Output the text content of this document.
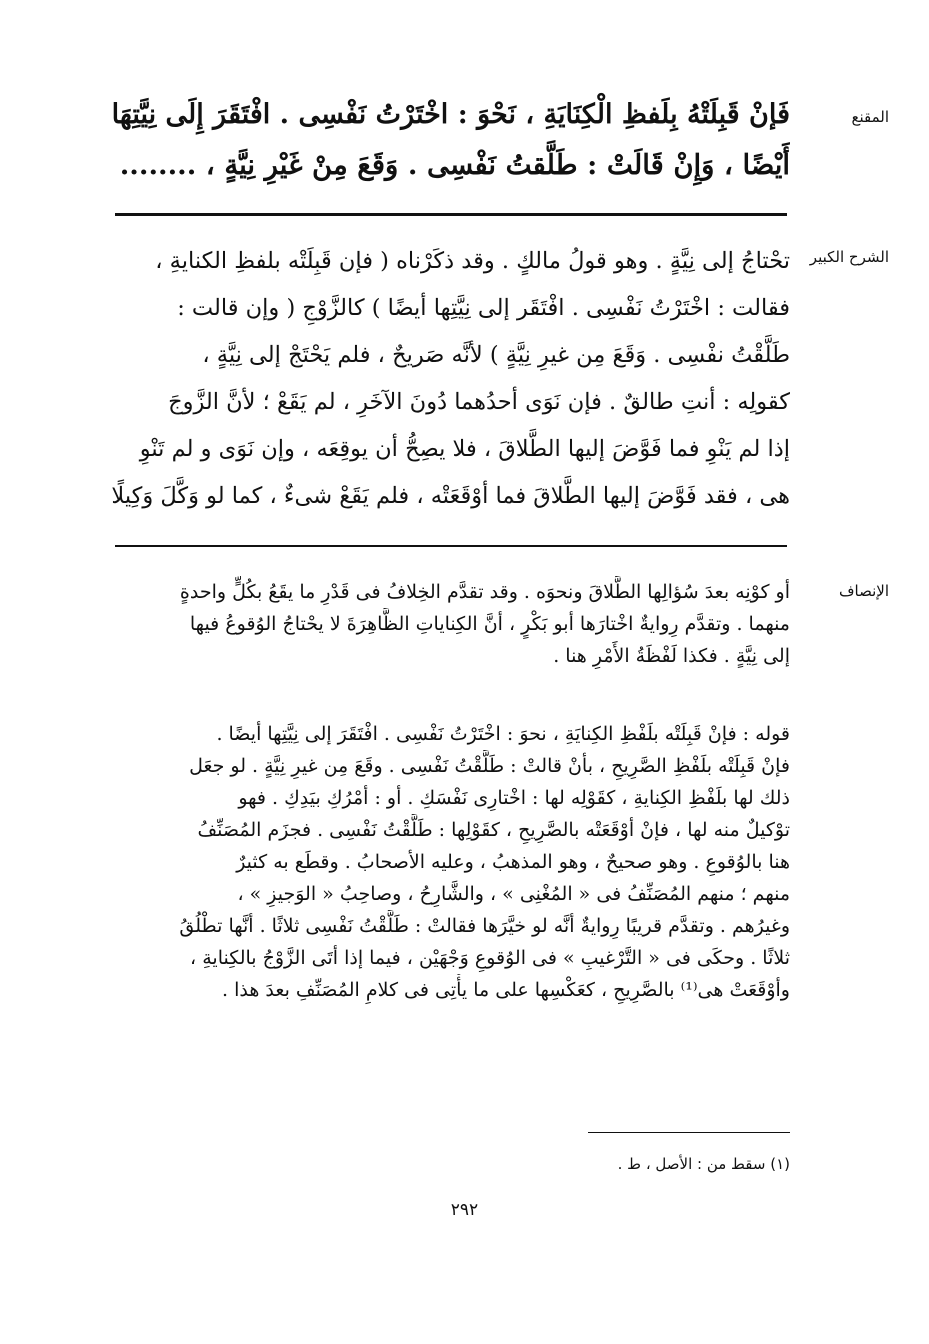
المقنع
فَإنْ قَبِلَتْهُ بِلَفظِ الْكِنَايَةِ ، نَحْوَ : اخْتَرْتُ نَفْسِى . افْتَقَرَ إِلَى نِيَّتِهَا
أَيْضًا ، وَإِنْ قَالَتْ : طَلَّقتُ نَفْسِى . وَقَعَ مِنْ غَيْرِ نِيَّةٍ ، ........
الشرح الكبير
تحْتاجُ إلى نِيَّةٍ . وهو قولُ مالكٍ . وقد ذكَرْناه ( فإن قَبِلَتْه بلفظِ الكنايةِ ،
فقالت : اخْتَرْتُ نَفْسِى . افْتَقَر إلى نِيَّتِها أيضًا ) كالزَّوْجِ ( وإن قالت :
طَلَّقْتُ نفْسِى . وَقَعَ مِن غيرِ نِيَّةٍ ) لأنَّه صَريحٌ ، فلم يَحْتَجْ إلى نِيَّةٍ ،
كقولِه : أنتِ طالقٌ . فإن نَوَى أحدُهما دُونَ الآخَرِ ، لم يَقَعْ ؛ لأنَّ الزَّوجَ
إذا لم يَنْوِ فما فَوَّضَ إليها الطَّلاقَ ، فلا يصِحُّ أن يوقِعَه ، وإن نَوَى و لم تَنْوِ
هى ، فقد فَوَّضَ إليها الطَّلاقَ فما أوْقَعَتْه ، فلم يَقَعْ شىءٌ ، كما لو وَكَّلَ وَكِيلًا
الإنصاف
أو كوْنِه بعدَ سُؤالِها الطَّلاقَ ونحوَه . وقد تقدَّم الخِلافُ فى قَدْرِ ما يقَعُ بكُلٍّ واحدةٍ
منهما . وتقدَّم رِوايةٌ اخْتارَها أبو بَكْرٍ ، أنَّ الكِناياتِ الظَّاهِرَةَ لا يحْتاجُ الوُقوعُ فيها
إلى نِيَّةٍ . فكذا لَفْظَةُ الأَمْرِ هنا .
قوله : فإنْ قَبِلَتْه بلَفْظِ الكِنايَةِ ، نحوَ : اخْتَرْتُ نَفْسِى . افْتَقَرَ إلى نِيَّتِها أيضًا .
فإنْ قَبِلَتْه بلَفْظِ الصَّرِيحِ ، بأنْ قالتْ : طَلَّقْتُ نَفْسِى . وقَعَ مِن غيرِ نِيَّةٍ . لو جعَل
ذلك لها بلَفْظِ الكِنايةِ ، كقَوْلِه لها : اخْتارِى نَفْسَكِ . أو : أمْرُكِ بيَدِكِ . فهو
توْكيلٌ منه لها ، فإنْ أوْقَعَتْه بالصَّرِيحِ ، كقَوْلِها : طَلَّقْتُ نَفْسِى . فجزَم المُصَنِّفُ
هنا بالوُقوعِ . وهو صحيحٌ ، وهو المذهبُ ، وعليه الأصحابُ . وقطَع به كثيرٌ
منهم ؛ منهم المُصَنِّفُ فى « المُغْنِى » ، والشَّارِحُ ، وصاحِبُ « الوَجيزِ » ،
وغيرُهم . وتقدَّم قريبًا رِوايةٌ أنَّه لو خيَّرَها فقالتْ : طَلَّقْتُ نَفْسِى ثلاثًا . أنَّها تطْلُقُ
ثلاثًا . وحكَى فى « التَّرْغيبِ » فى الوُقوعِ وَجْهَيْن ، فيما إذا أتَى الزَّوْجُ بالكِنايةِ ،
وأوْقَعَتْ هى⁽¹⁾ بالصَّرِيحِ ، كعَكْسِها على ما يأْتِى فى كلامِ المُصَنِّفِ بعدَ هذا .
(١) سقط من : الأصل ، ط .
٢٩٢
